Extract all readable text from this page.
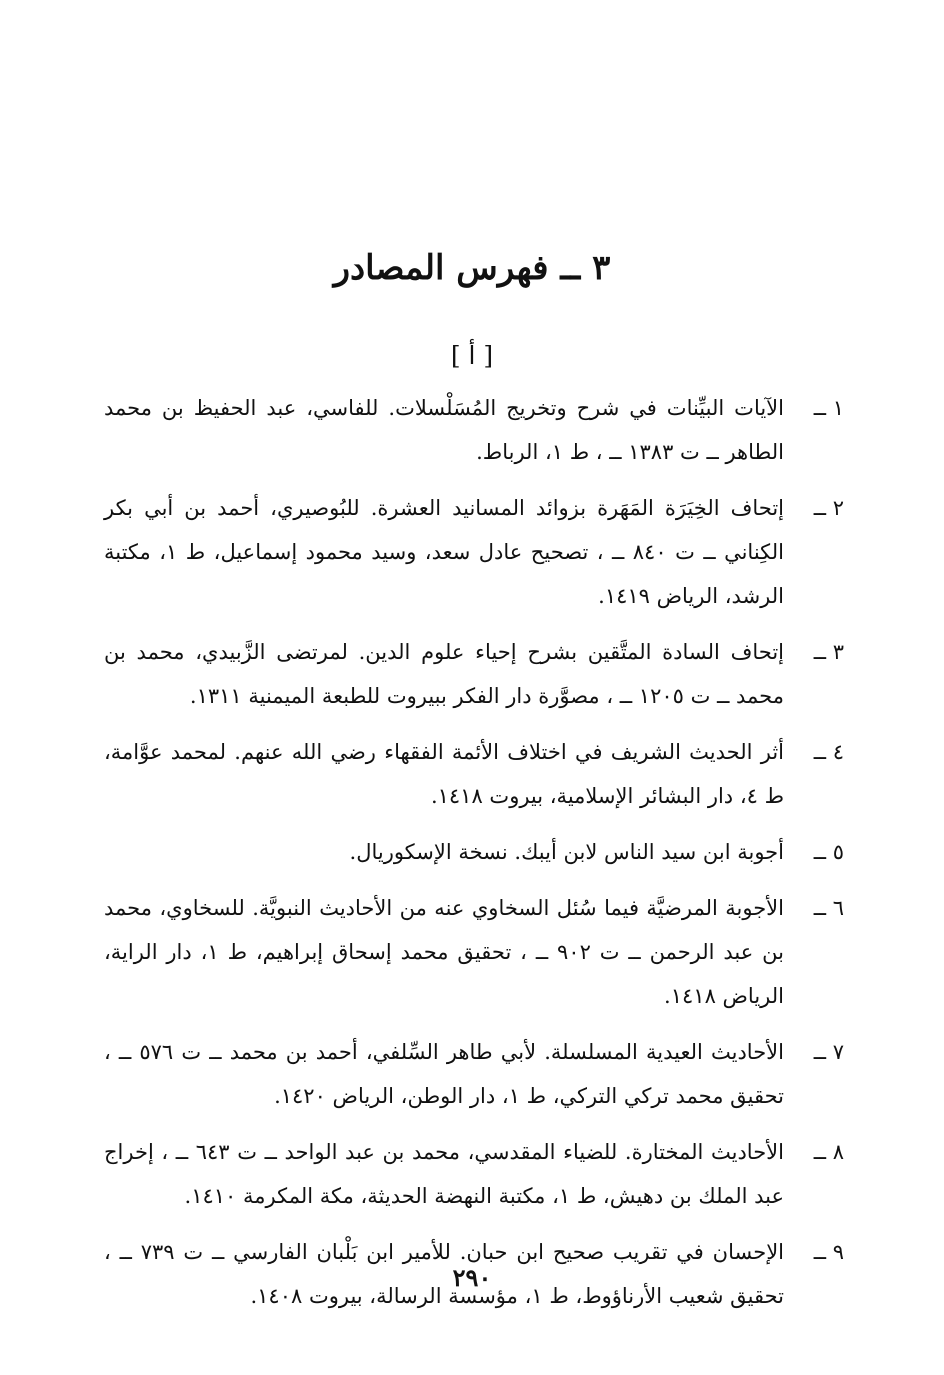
٣ ــ فهرس المصادر
[ أ ]
١ ــ
الآيات البيِّنات في شرح وتخريج المُسَلْسلات. للفاسي، عبد الحفيظ بن محمد الطاهر ــ ت ١٣٨٣ ــ ، ط ١، الرباط.
٢ ــ
إتحاف الخِيَرَة المَهَرة بزوائد المسانيد العشرة. للبُوصيري، أحمد بن أبي بكر الكِناني ــ ت ٨٤٠ ــ ، تصحيح عادل سعد، وسيد محمود إسماعيل، ط ١، مكتبة الرشد، الرياض ١٤١٩.
٣ ــ
إتحاف السادة المتَّقين بشرح إحياء علوم الدين. لمرتضى الزَّبيدي، محمد بن محمد ــ ت ١٢٠٥ ــ ، مصوَّرة دار الفكر ببيروت للطبعة الميمنية ١٣١١.
٤ ــ
أثر الحديث الشريف في اختلاف الأئمة الفقهاء رضي الله عنهم. لمحمد عوَّامة، ط ٤، دار البشائر الإسلامية، بيروت ١٤١٨.
٥ ــ
أجوبة ابن سيد الناس لابن أيبك. نسخة الإسكوريال.
٦ ــ
الأجوبة المرضيَّة فيما سُئل السخاوي عنه من الأحاديث النبويَّة. للسخاوي، محمد بن عبد الرحمن ــ ت ٩٠٢ ــ ، تحقيق محمد إسحاق إبراهيم، ط ١، دار الراية، الرياض ١٤١٨.
٧ ــ
الأحاديث العيدية المسلسلة. لأبي طاهر السِّلفي، أحمد بن محمد ــ ت ٥٧٦ ــ ، تحقيق محمد تركي التركي، ط ١، دار الوطن، الرياض ١٤٢٠.
٨ ــ
الأحاديث المختارة. للضياء المقدسي، محمد بن عبد الواحد ــ ت ٦٤٣ ــ ، إخراج عبد الملك بن دهيش، ط ١، مكتبة النهضة الحديثة، مكة المكرمة ١٤١٠.
٩ ــ
الإحسان في تقريب صحيح ابن حبان. للأمير ابن بَلْبان الفارسي ــ ت ٧٣٩ ــ ، تحقيق شعيب الأرناؤوط، ط ١، مؤسسة الرسالة، بيروت ١٤٠٨.
٢٩٠
